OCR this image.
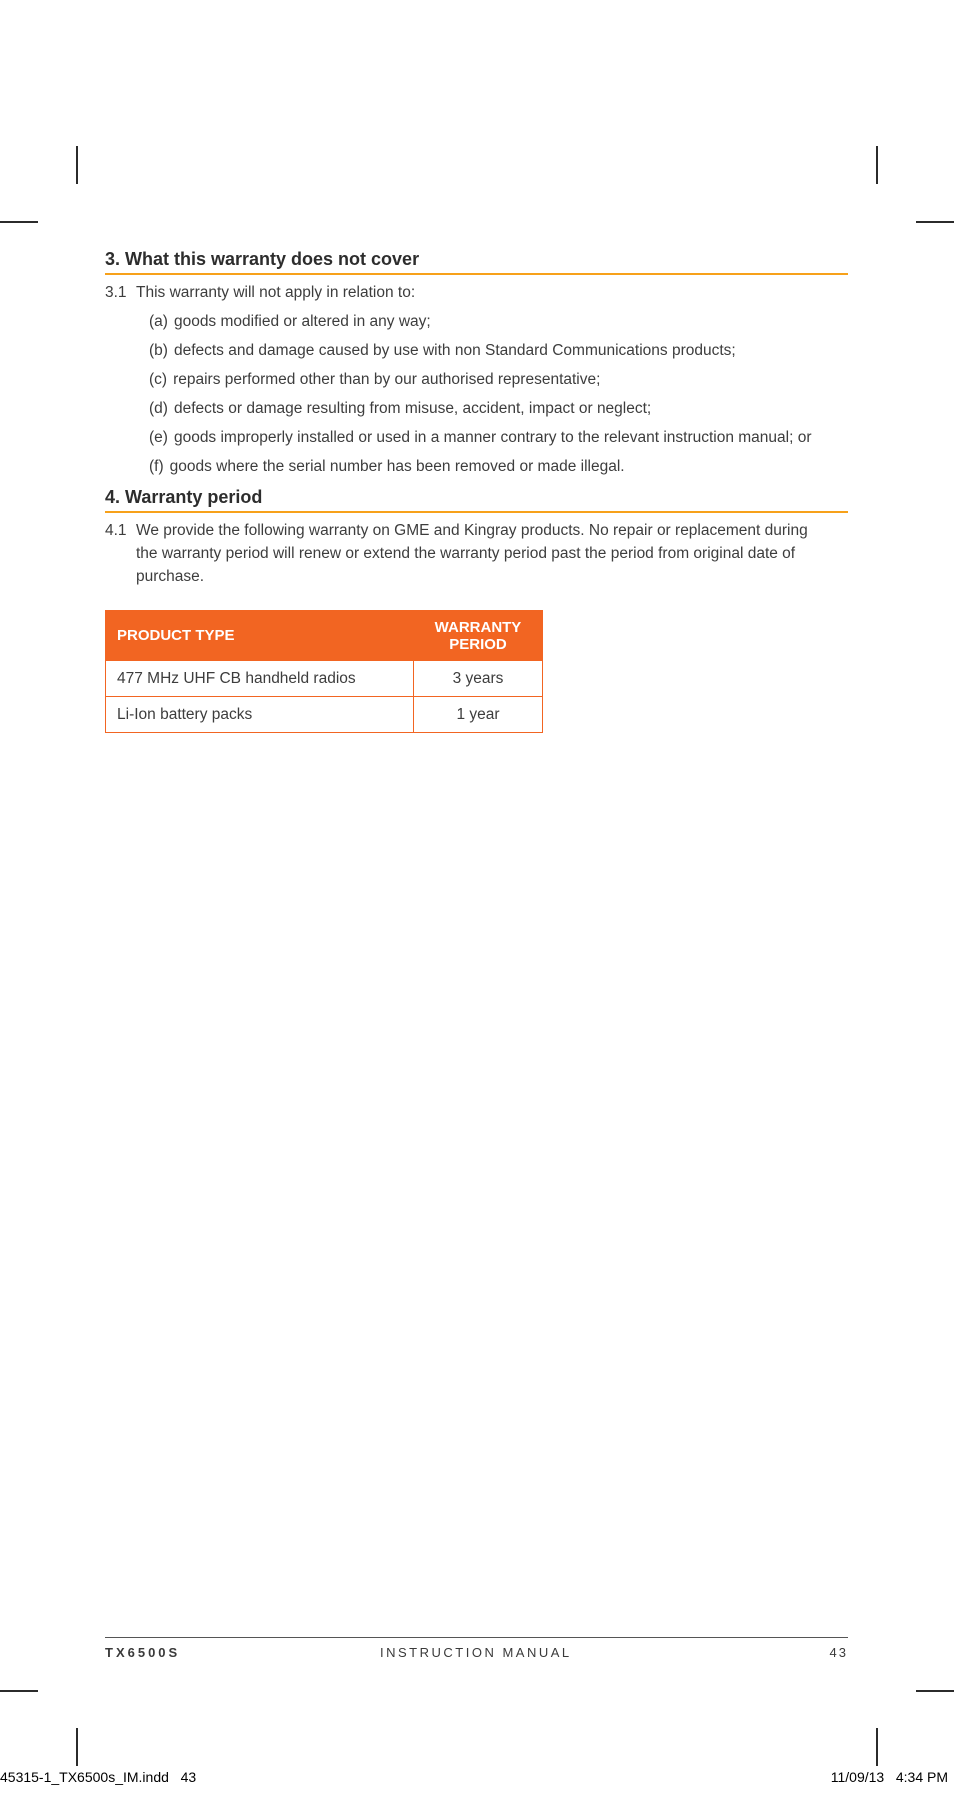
3. What this warranty does not cover
3.1 This warranty will not apply in relation to:
(a) goods modified or altered in any way;
(b) defects and damage caused by use with non Standard Communications products;
(c) repairs performed other than by our authorised representative;
(d) defects or damage resulting from misuse, accident, impact or neglect;
(e) goods improperly installed or used in a manner contrary to the relevant instruction manual; or
(f) goods where the serial number has been removed or made illegal.
4. Warranty period
4.1 We provide the following warranty on GME and Kingray products. No repair or replacement during the warranty period will renew or extend the warranty period past the period from original date of purchase.
PRODUCT TYPE	WARRANTY PERIOD
477 MHz UHF CB handheld radios	3 years
Li-Ion battery packs	1 year
TX6500S	INSTRUCTION MANUAL	43
45315-1_TX6500s_IM.indd   43	11/09/13   4:34 PM
